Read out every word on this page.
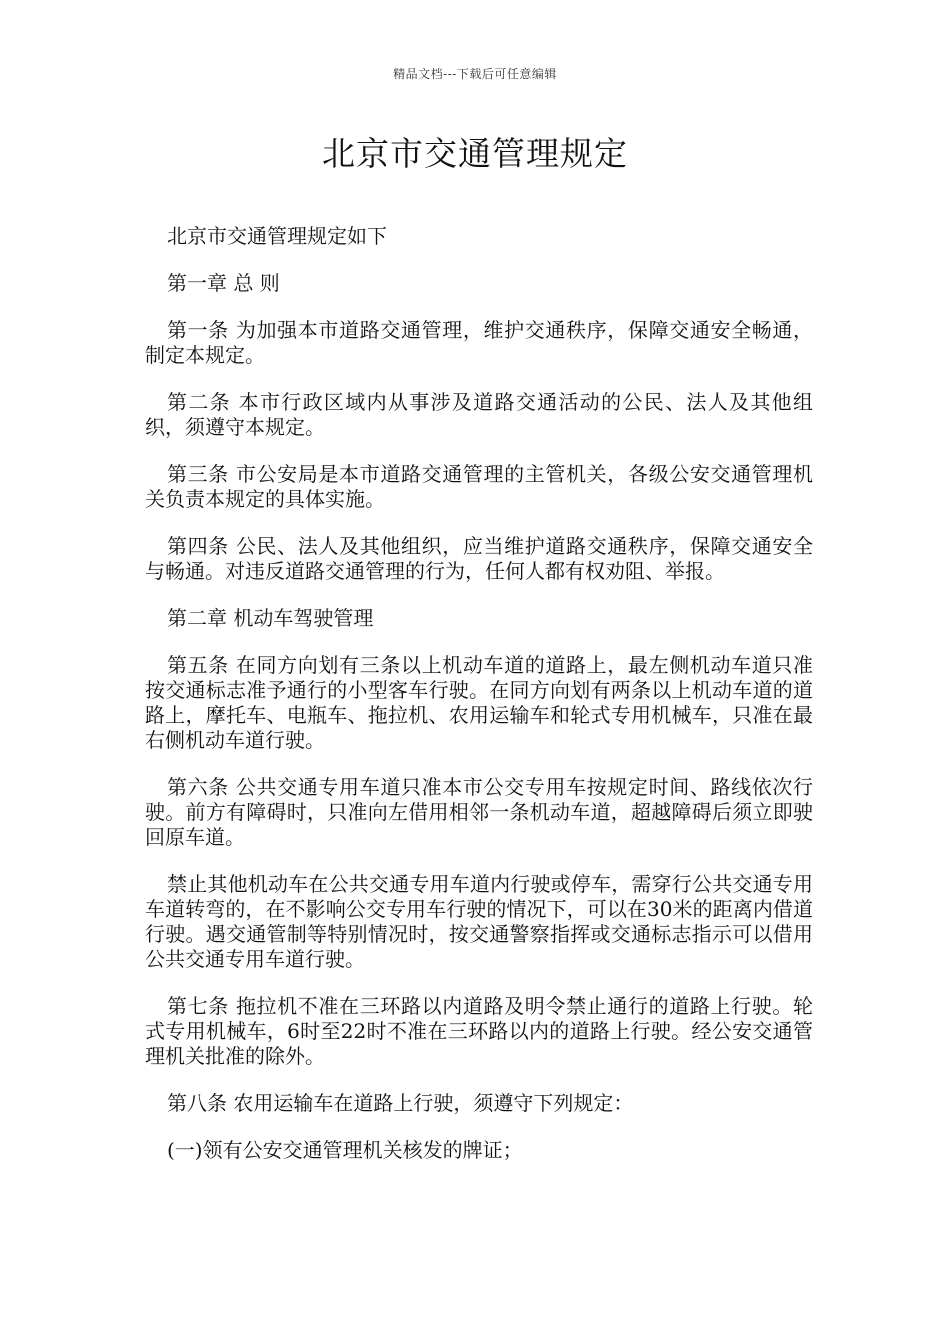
精品文档---下载后可任意编辑
北京市交通管理规定

北京市交通管理规定如下

第一章 总 则

第一条 为加强本市道路交通管理，维护交通秩序，保障交通安全畅通，制定本规定。

第二条 本市行政区域内从事涉及道路交通活动的公民、法人及其他组织，须遵守本规定。

第三条 市公安局是本市道路交通管理的主管机关，各级公安交通管理机关负责本规定的具体实施。

第四条 公民、法人及其他组织，应当维护道路交通秩序，保障交通安全与畅通。对违反道路交通管理的行为，任何人都有权劝阻、举报。

第二章 机动车驾驶管理

第五条 在同方向划有三条以上机动车道的道路上，最左侧机动车道只准按交通标志准予通行的小型客车行驶。在同方向划有两条以上机动车道的道路上，摩托车、电瓶车、拖拉机、农用运输车和轮式专用机械车，只准在最右侧机动车道行驶。

第六条 公共交通专用车道只准本市公交专用车按规定时间、路线依次行驶。前方有障碍时，只准向左借用相邻一条机动车道，超越障碍后须立即驶回原车道。

禁止其他机动车在公共交通专用车道内行驶或停车，需穿行公共交通专用车道转弯的，在不影响公交专用车行驶的情况下，可以在30米的距离内借道行驶。遇交通管制等特别情况时，按交通警察指挥或交通标志指示可以借用公共交通专用车道行驶。

第七条 拖拉机不准在三环路以内道路及明令禁止通行的道路上行驶。轮式专用机械车，6时至22时不准在三环路以内的道路上行驶。经公安交通管理机关批准的除外。

第八条 农用运输车在道路上行驶，须遵守下列规定：

(一)领有公安交通管理机关核发的牌证；
